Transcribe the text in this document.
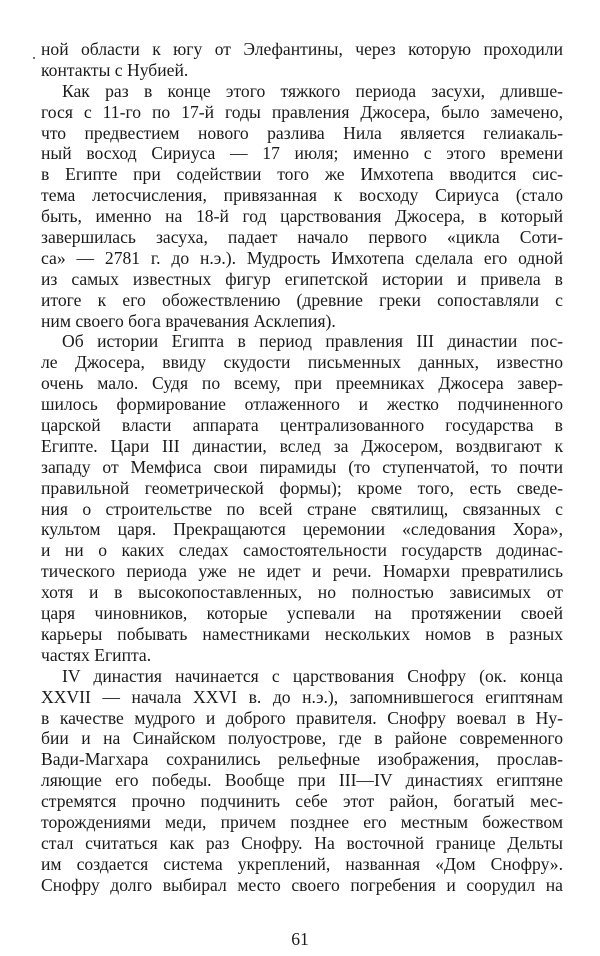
ной области к югу от Элефантины, через которую проходили
контакты с Нубией.
Как раз в конце этого тяжкого периода засухи, дливше-
гося с 11-го по 17-й годы правления Джосера, было замечено,
что предвестием нового разлива Нила является гелиакаль-
ный восход Сириуса — 17 июля; именно с этого времени
в Египте при содействии того же Имхотепа вводится сис-
тема летосчисления, привязанная к восходу Сириуса (стало
быть, именно на 18-й год царствования Джосера, в который
завершилась засуха, падает начало первого «цикла Соти-
са» — 2781 г. до н.э.). Мудрость Имхотепа сделала его одной
из самых известных фигур египетской истории и привела в
итоге к его обожествлению (древние греки сопоставляли с
ним своего бога врачевания Асклепия).
Об истории Египта в период правления III династии пос-
ле Джосера, ввиду скудости письменных данных, известно
очень мало. Судя по всему, при преемниках Джосера завер-
шилось формирование отлаженного и жестко подчиненного
царской власти аппарата централизованного государства в
Египте. Цари III династии, вслед за Джосером, воздвигают к
западу от Мемфиса свои пирамиды (то ступенчатой, то почти
правильной геометрической формы); кроме того, есть сведе-
ния о строительстве по всей стране святилищ, связанных с
культом царя. Прекращаются церемонии «следования Хора»,
и ни о каких следах самостоятельности государств додинас-
тического периода уже не идет и речи. Номархи превратились
хотя и в высокопоставленных, но полностью зависимых от
царя чиновников, которые успевали на протяжении своей
карьеры побывать наместниками нескольких номов в разных
частях Египта.
IV династия начинается с царствования Снофру (ок. конца
XXVII — начала XXVI в. до н.э.), запомнившегося египтянам
в качестве мудрого и доброго правителя. Снофру воевал в Ну-
бии и на Синайском полуострове, где в районе современного
Вади-Магхара сохранились рельефные изображения, прослав-
ляющие его победы. Вообще при III—IV династиях египтяне
стремятся прочно подчинить себе этот район, богатый мес-
торождениями меди, причем позднее его местным божеством
стал считаться как раз Снофру. На восточной границе Дельты
им создается система укреплений, названная «Дом Снофру».
Снофру долго выбирал место своего погребения и соорудил на
61
